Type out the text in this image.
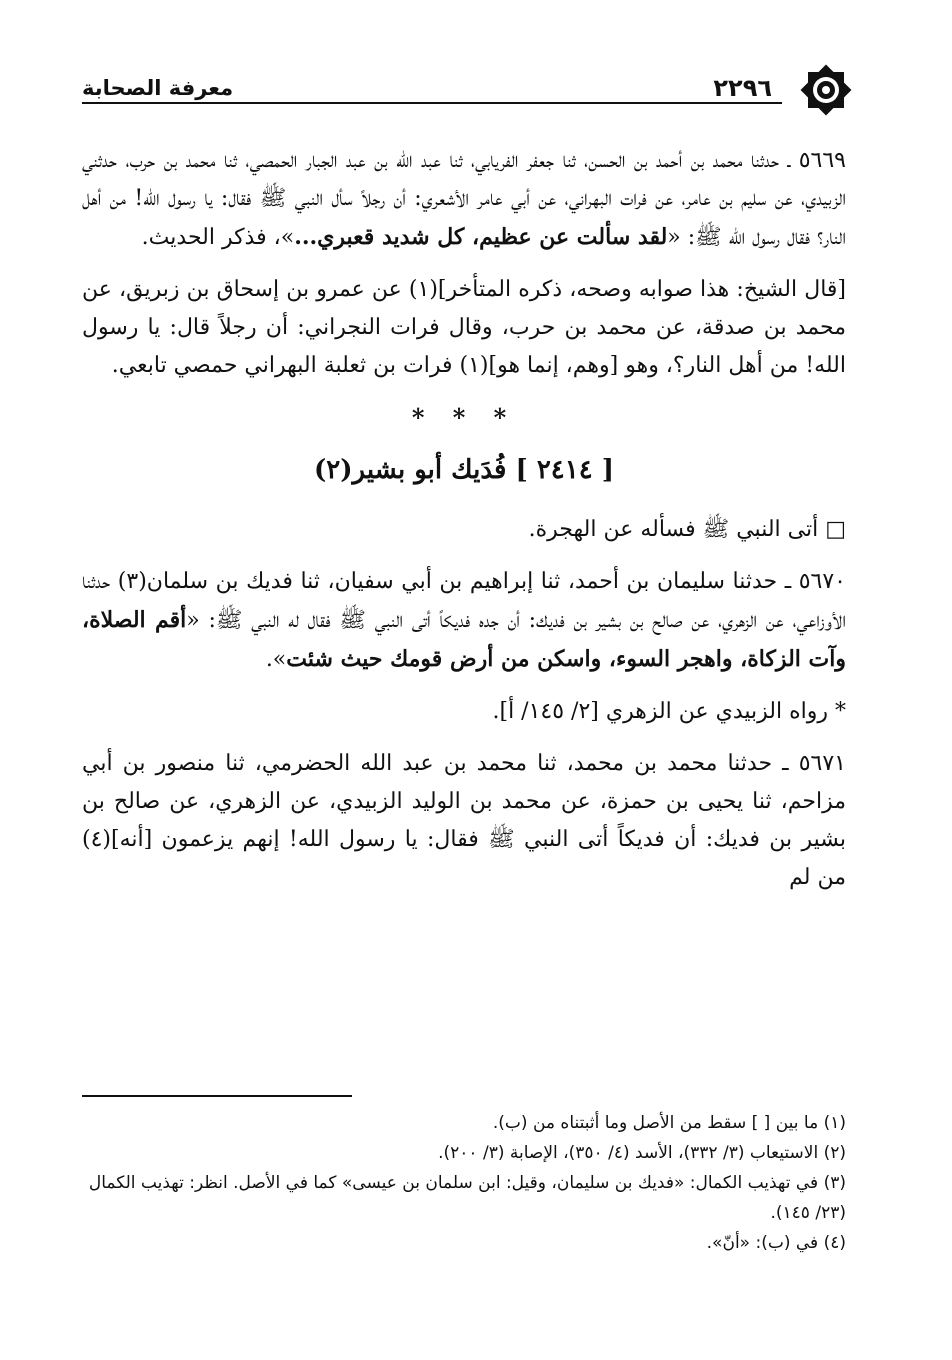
٢٢٩٦
معرفة الصحابة

٥٦٦٩ ـ حدثنا محمد بن أحمد بن الحسن، ثنا جعفر الفريابي، ثنا عبد الله بن عبد الجبار الحمصي، ثنا محمد بن حرب، حدثني الزبيدي، عن سليم بن عامر، عن فرات البهراني، عن أبي عامر الأشعري: أن رجلاً سأل النبي ﷺ فقال: يا رسول الله! من أهل النار؟ فقال رسول الله ﷺ: «لقد سألت عن عظيم، كل شديد قعبري...»، فذكر الحديث.

[قال الشيخ: هذا صوابه وصحه، ذكره المتأخر](١) عن عمرو بن إسحاق بن زبريق، عن محمد بن صدقة، عن محمد بن حرب، وقال فرات النجراني: أن رجلاً قال: يا رسول الله! من أهل النار؟، وهو [وهم، إنما هو](١) فرات بن ثعلبة البهراني حمصي تابعي.

* * *
[ ٢٤١٤ ] فُدَيك أبو بشير(٢)

□ أتى النبي ﷺ فسأله عن الهجرة.

٥٦٧٠ ـ حدثنا سليمان بن أحمد، ثنا إبراهيم بن أبي سفيان، ثنا فديك بن سلمان(٣) حدثنا الأوزاعي، عن الزهري، عن صالح بن بشير بن فديك: أن جده فديكاً أتى النبي ﷺ فقال له النبي ﷺ: «أقم الصلاة، وآت الزكاة، واهجر السوء، واسكن من أرض قومك حيث شئت».

* رواه الزبيدي عن الزهري [٢/ ١٤٥/ أ].

٥٦٧١ ـ حدثنا محمد بن محمد، ثنا محمد بن عبد الله الحضرمي، ثنا منصور بن أبي مزاحم، ثنا يحيى بن حمزة، عن محمد بن الوليد الزبيدي، عن الزهري، عن صالح بن بشير بن فديك: أن فديكاً أتى النبي ﷺ فقال: يا رسول الله! إنهم يزعمون [أنه](٤) من لم

(١) ما بين [ ] سقط من الأصل وما أثبتناه من (ب).

(٢) الاستيعاب (٣/ ٣٣٢)، الأسد (٤/ ٣٥٠)، الإصابة (٣/ ٢٠٠).

(٣) في تهذيب الكمال: «فديك بن سليمان، وقيل: ابن سلمان بن عيسى» كما في الأصل. انظر: تهذيب الكمال (٢٣/ ١٤٥).

(٤) في (ب): «أنّ».
